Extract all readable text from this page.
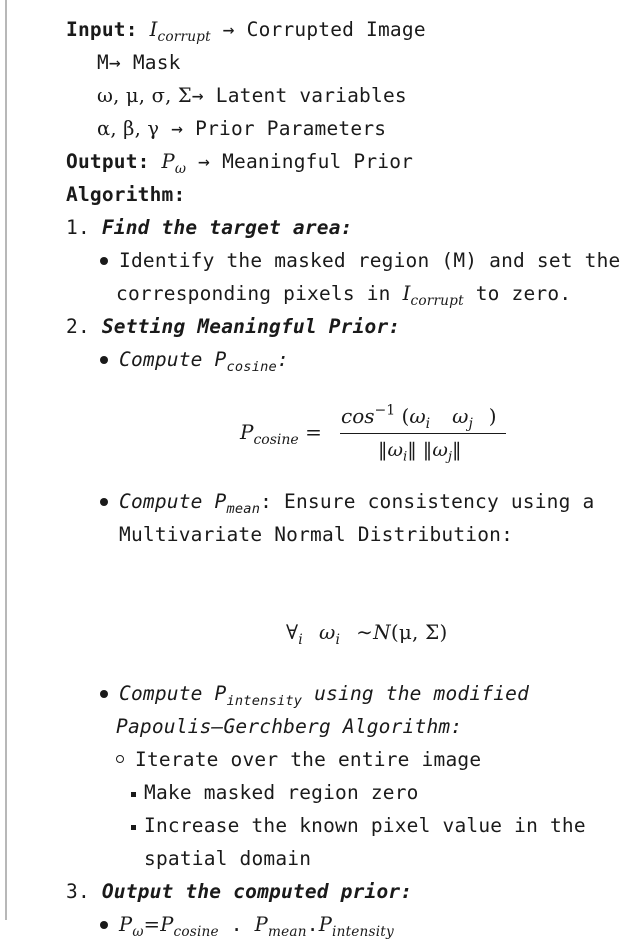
Input: $I_{corrupt}$ → Corrupted Image
M→ Mask
ω, μ, σ, Σ→ Latent variables
α, β, γ → Prior Parameters
Output: $P_\omega$ → Meaningful Prior
Algorithm:
1. Find the target area:
Identify the masked region (M) and set the
corresponding pixels in $I_{corrupt}$ to zero.
2. Setting Meaningful Prior:
Compute $P_{cosine}$:
$P_{cosine}$ =
$\cos^{-1} (\omega_i$ $\omega_j$ )
$‖\omega_i‖$ $‖\omega_j‖$
Compute $P_{mean}$: Ensure consistency using a
Multivariate Normal Distribution:
$\forall_i$ $\omega_i$ ∼N(μ, Σ)
Compute $P_{intensity}$ using the modified
Papoulis–Gerchberg Algorithm:
Iterate over the entire image
Make masked region zero
Increase the known pixel value in the
spatial domain
3. Output the computed prior:
$P_\omega=P_{cosine}$ . $P_{mean}.P_{intensity}$
